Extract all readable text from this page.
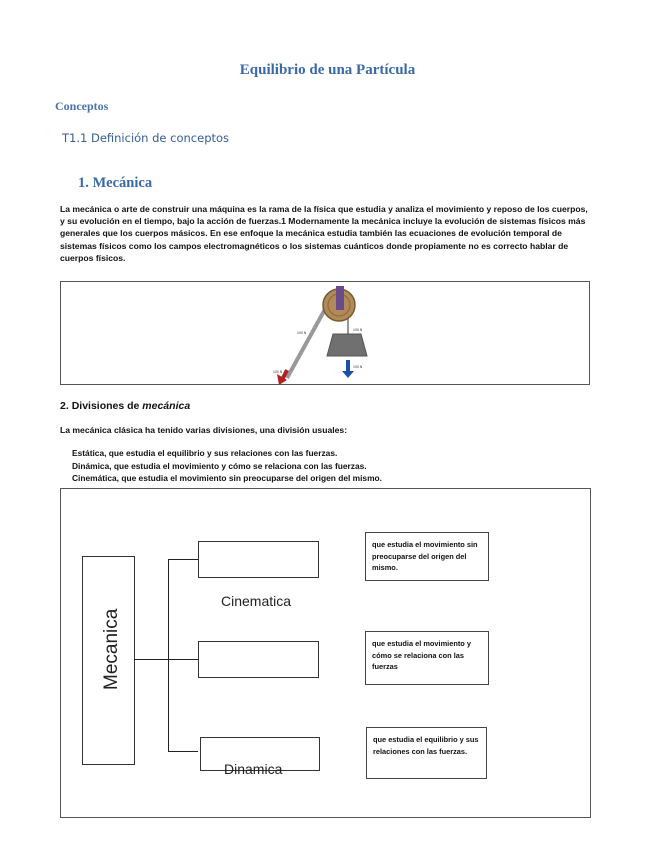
Equilibrio de una Partícula
Conceptos
T1.1 Definición de conceptos
1. Mecánica
La mecánica o arte de construir una máquina es la rama de la física que estudia y analiza el movimiento y reposo de los cuerpos, y su evolución en el tiempo, bajo la acción de fuerzas.1 Modernamente la mecánica incluye la evolución de sistemas físicos más generales que los cuerpos másicos. En ese enfoque la mecánica estudia también las ecuaciones de evolución temporal de sistemas físicos como los campos electromagnéticos o los sistemas cuánticos donde propiamente no es correcto hablar de cuerpos físicos.
100 N
100 N
100 N
100 N
2. Divisiones de mecánica
La mecánica clásica ha tenido varias divisiones, una división usuales:
Estática, que estudia el equilibrio y sus relaciones con las fuerzas.
Dinámica, que estudia el movimiento y cómo se relaciona con las fuerzas.
Cinemática, que estudia el movimiento sin preocuparse del origen del mismo.
Mecanica
Cinematica
Dinamica
que estudia el movimiento sin preocuparse del origen del mismo.
que estudia el movimiento y cómo se relaciona con las fuerzas
que estudia el equilibrio y sus relaciones con las fuerzas.
